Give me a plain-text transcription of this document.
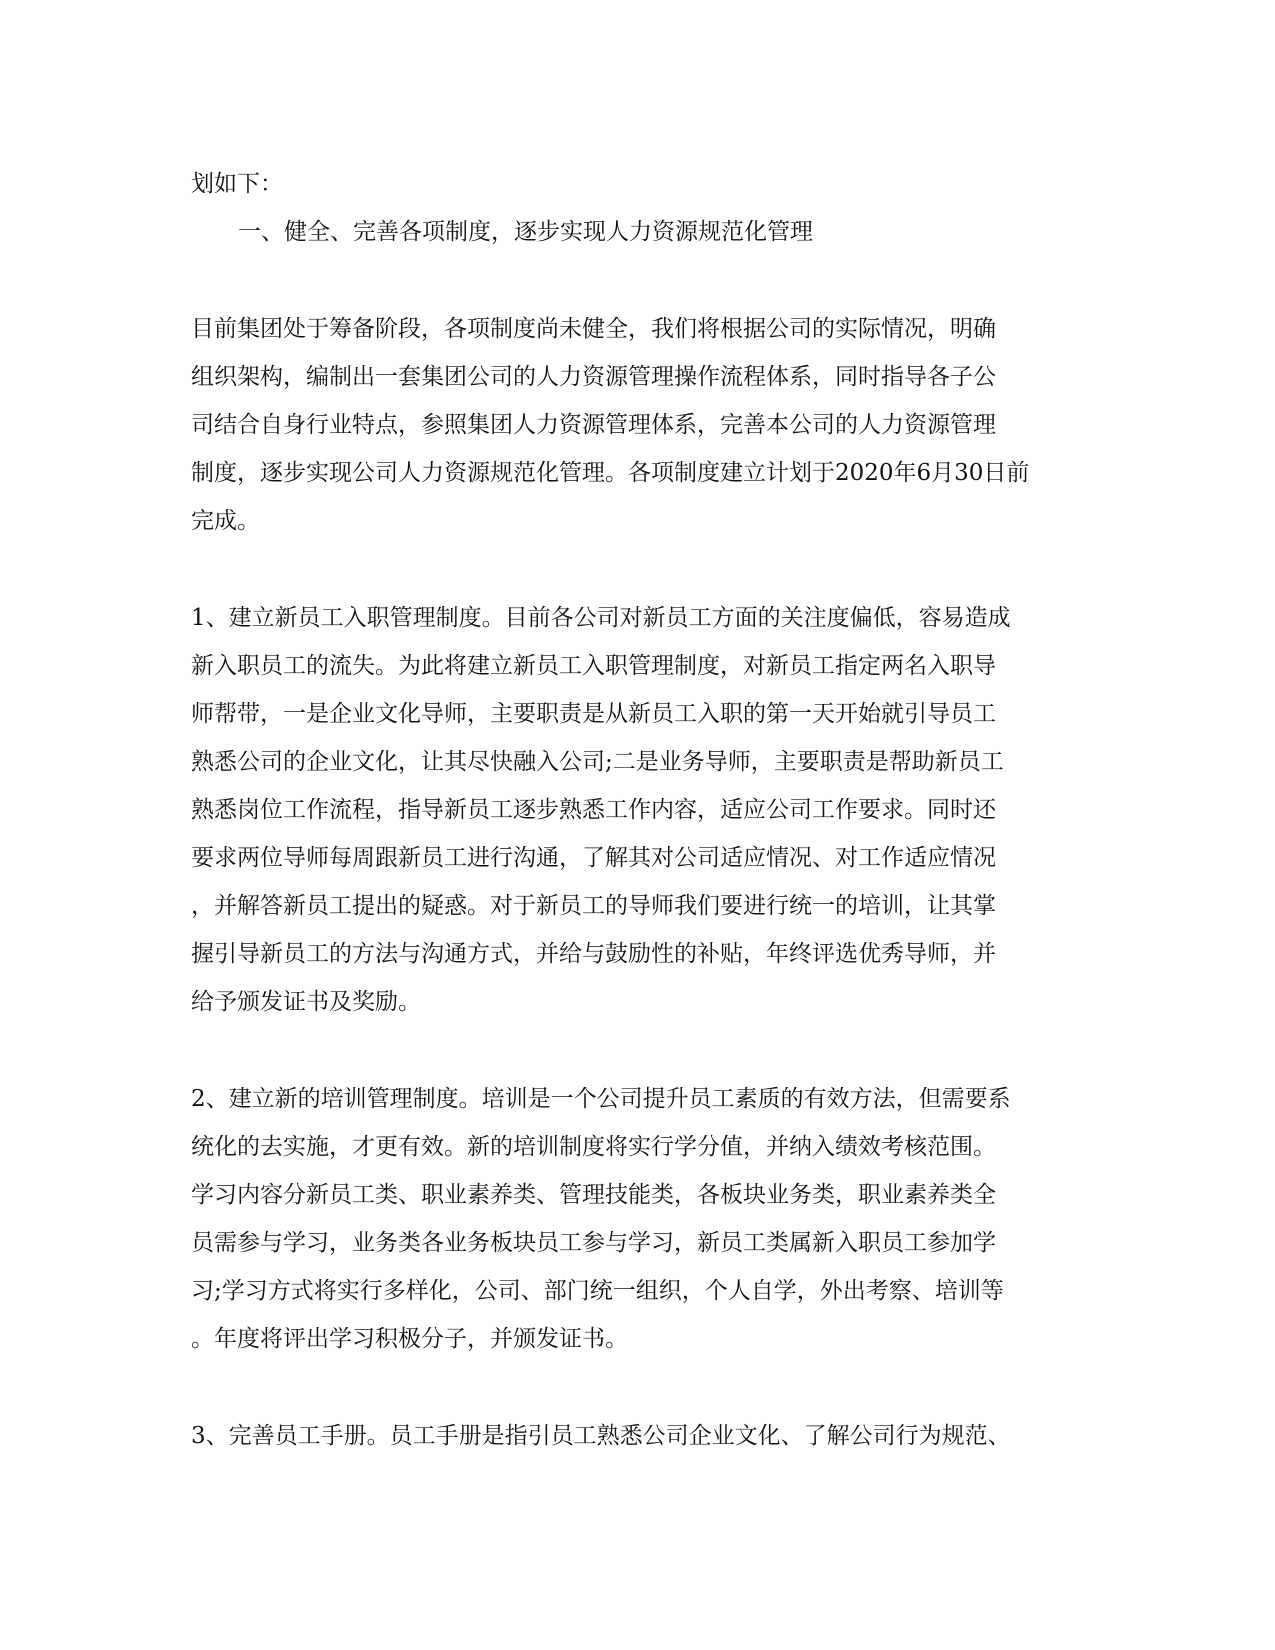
划如下：
一、健全、完善各项制度，逐步实现人力资源规范化管理
目前集团处于筹备阶段，各项制度尚未健全，我们将根据公司的实际情况，明确
组织架构，编制出一套集团公司的人力资源管理操作流程体系，同时指导各子公
司结合自身行业特点，参照集团人力资源管理体系，完善本公司的人力资源管理
制度，逐步实现公司人力资源规范化管理。各项制度建立计划于2020年6月30日前
完成。
1、建立新员工入职管理制度。目前各公司对新员工方面的关注度偏低，容易造成
新入职员工的流失。为此将建立新员工入职管理制度，对新员工指定两名入职导
师帮带，一是企业文化导师，主要职责是从新员工入职的第一天开始就引导员工
熟悉公司的企业文化，让其尽快融入公司;二是业务导师，主要职责是帮助新员工
熟悉岗位工作流程，指导新员工逐步熟悉工作内容，适应公司工作要求。同时还
要求两位导师每周跟新员工进行沟通，了解其对公司适应情况、对工作适应情况
，并解答新员工提出的疑惑。对于新员工的导师我们要进行统一的培训，让其掌
握引导新员工的方法与沟通方式，并给与鼓励性的补贴，年终评选优秀导师，并
给予颁发证书及奖励。
2、建立新的培训管理制度。培训是一个公司提升员工素质的有效方法，但需要系
统化的去实施，才更有效。新的培训制度将实行学分值，并纳入绩效考核范围。
学习内容分新员工类、职业素养类、管理技能类，各板块业务类，职业素养类全
员需参与学习，业务类各业务板块员工参与学习，新员工类属新入职员工参加学
习;学习方式将实行多样化，公司、部门统一组织，个人自学，外出考察、培训等
。年度将评出学习积极分子，并颁发证书。
3、完善员工手册。员工手册是指引员工熟悉公司企业文化、了解公司行为规范、
